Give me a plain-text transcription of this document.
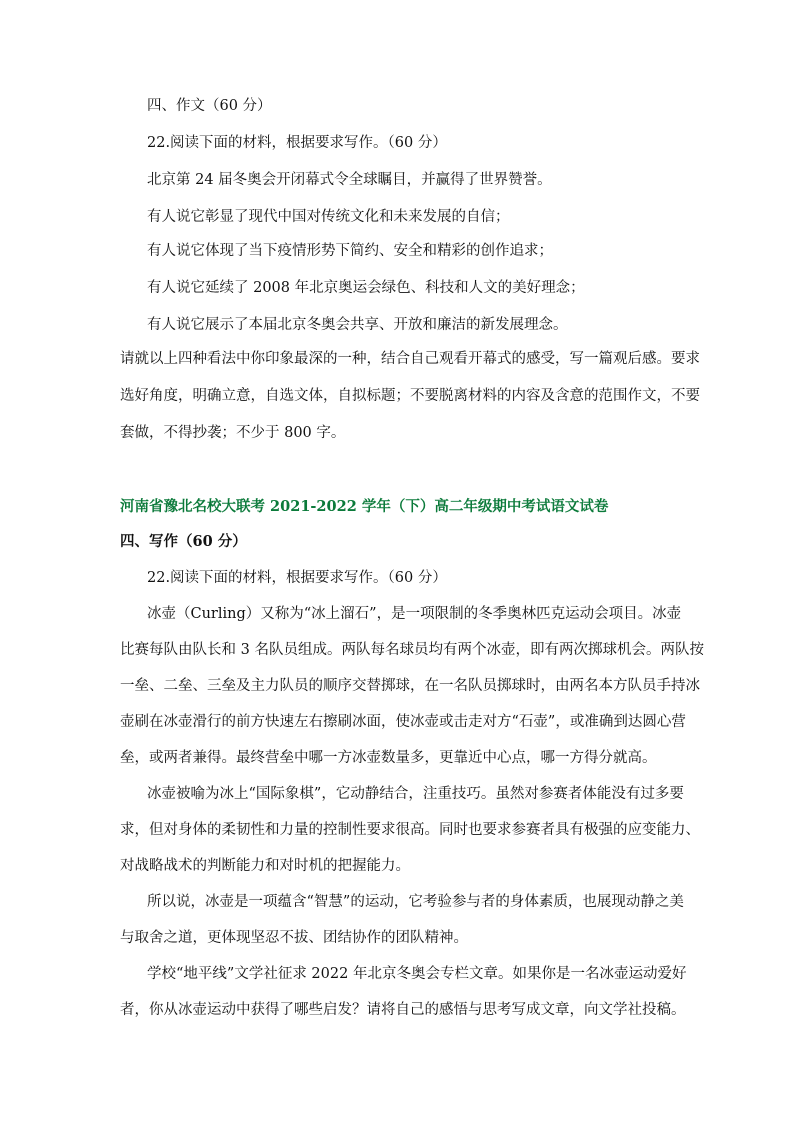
四、作文（60 分）
22.阅读下面的材料，根据要求写作。（60 分）
北京第 24 届冬奥会开闭幕式令全球瞩目，并赢得了世界赞誉。
有人说它彰显了现代中国对传统文化和未来发展的自信；
有人说它体现了当下疫情形势下简约、安全和精彩的创作追求；
有人说它延续了 2008 年北京奥运会绿色、科技和人文的美好理念；
有人说它展示了本届北京冬奥会共享、开放和廉洁的新发展理念。
请就以上四种看法中你印象最深的一种，结合自己观看开幕式的感受，写一篇观后感。要求
选好角度，明确立意，自选文体，自拟标题；不要脱离材料的内容及含意的范围作文，不要
套做，不得抄袭；不少于 800 字。
河南省豫北名校大联考 2021-2022 学年（下）高二年级期中考试语文试卷
四、写作（60 分）
22.阅读下面的材料，根据要求写作。（60 分）
冰壶（Curling）又称为“冰上溜石”，是一项限制的冬季奥林匹克运动会项目。冰壶
比赛每队由队长和 3 名队员组成。两队每名球员均有两个冰壶，即有两次掷球机会。两队按
一垒、二垒、三垒及主力队员的顺序交替掷球，在一名队员掷球时，由两名本方队员手持冰
壶刷在冰壶滑行的前方快速左右擦刷冰面，使冰壶或击走对方“石壶”，或准确到达圆心营
垒，或两者兼得。最终营垒中哪一方冰壶数量多，更靠近中心点，哪一方得分就高。
冰壶被喻为冰上“国际象棋”，它动静结合，注重技巧。虽然对参赛者体能没有过多要
求，但对身体的柔韧性和力量的控制性要求很高。同时也要求参赛者具有极强的应变能力、
对战略战术的判断能力和对时机的把握能力。
所以说，冰壶是一项蕴含“智慧”的运动，它考验参与者的身体素质，也展现动静之美
与取舍之道，更体现坚忍不拔、团结协作的团队精神。
学校“地平线”文学社征求 2022 年北京冬奥会专栏文章。如果你是一名冰壶运动爱好
者，你从冰壶运动中获得了哪些启发？请将自己的感悟与思考写成文章，向文学社投稿。
